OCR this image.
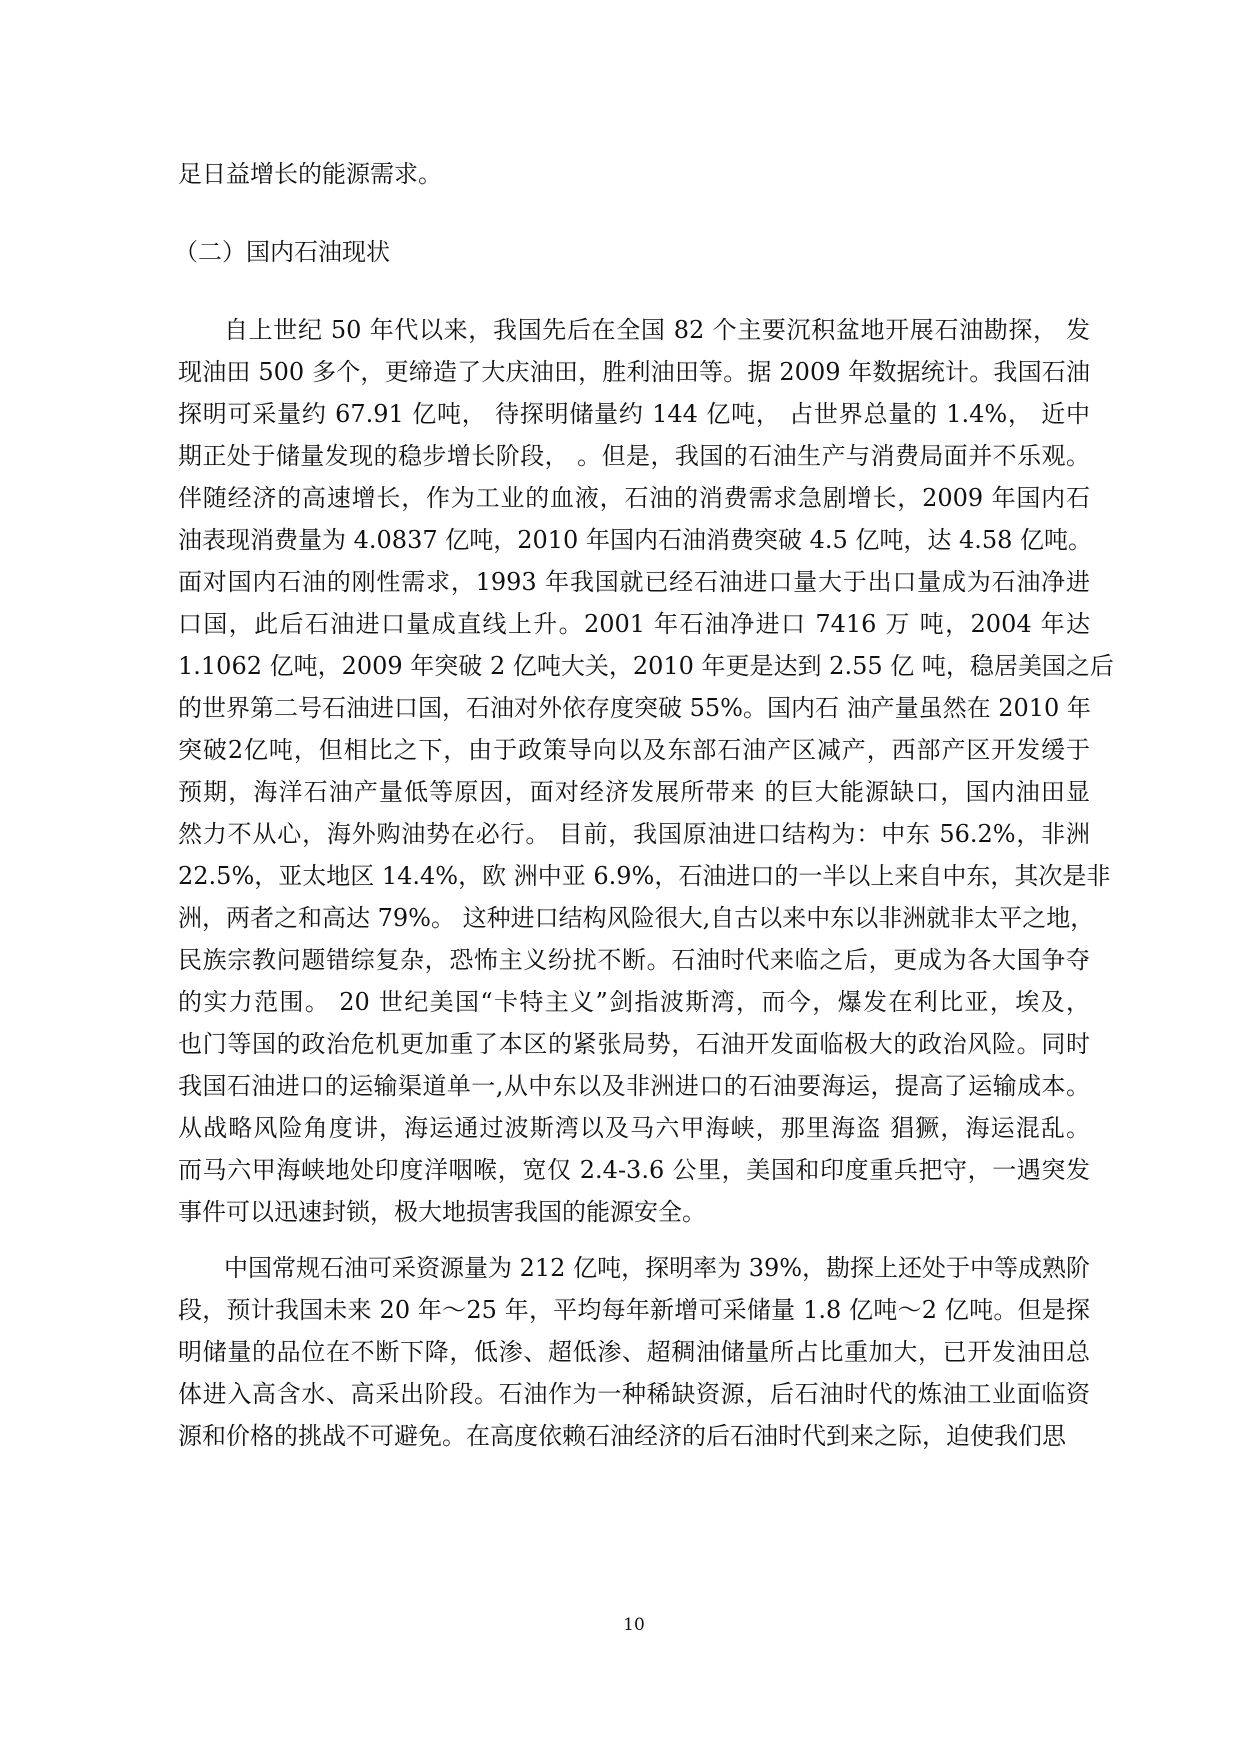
足日益增长的能源需求。
（二）国内石油现状
自上世纪 50 年代以来，我国先后在全国 82 个主要沉积盆地开展石油勘探， 发
现油田 500 多个，更缔造了大庆油田，胜利油田等。据 2009 年数据统计。我国石油
探明可采量约 67.91 亿吨， 待探明储量约 144 亿吨， 占世界总量的 1.4%， 近中
期正处于储量发现的稳步增长阶段， 。但是，我国的石油生产与消费局面并不乐观。
伴随经济的高速增长，作为工业的血液，石油的消费需求急剧增长，2009 年国内石
油表现消费量为 4.0837 亿吨，2010 年国内石油消费突破 4.5 亿吨，达 4.58 亿吨。
面对国内石油的刚性需求，1993 年我国就已经石油进口量大于出口量成为石油净进
口国，此后石油进口量成直线上升。2001 年石油净进口 7416 万 吨，2004 年达
1.1062 亿吨，2009 年突破 2 亿吨大关，2010 年更是达到 2.55 亿 吨，稳居美国之后
的世界第二号石油进口国，石油对外依存度突破 55%。国内石 油产量虽然在 2010 年
突破2亿吨，但相比之下，由于政策导向以及东部石油产区减产，西部产区开发缓于
预期，海洋石油产量低等原因，面对经济发展所带来 的巨大能源缺口，国内油田显
然力不从心，海外购油势在必行。 目前，我国原油进口结构为：中东 56.2%，非洲
22.5%，亚太地区 14.4%，欧 洲中亚 6.9%，石油进口的一半以上来自中东，其次是非
洲，两者之和高达 79%。 这种进口结构风险很大,自古以来中东以非洲就非太平之地，
民族宗教问题错综复杂，恐怖主义纷扰不断。石油时代来临之后，更成为各大国争夺
的实力范围。 20 世纪美国“卡特主义”剑指波斯湾，而今，爆发在利比亚，埃及，
也门等国的政治危机更加重了本区的紧张局势，石油开发面临极大的政治风险。同时
我国石油进口的运输渠道单一,从中东以及非洲进口的石油要海运，提高了运输成本。
从战略风险角度讲，海运通过波斯湾以及马六甲海峡，那里海盗 猖獗，海运混乱。
而马六甲海峡地处印度洋咽喉，宽仅 2.4-3.6 公里，美国和印度重兵把守，一遇突发
事件可以迅速封锁，极大地损害我国的能源安全。
中国常规石油可采资源量为 212 亿吨，探明率为 39%，勘探上还处于中等成熟阶
段，预计我国未来 20 年～25 年，平均每年新增可采储量 1.8 亿吨～2 亿吨。但是探
明储量的品位在不断下降，低渗、超低渗、超稠油储量所占比重加大，已开发油田总
体进入高含水、高采出阶段。石油作为一种稀缺资源，后石油时代的炼油工业面临资
源和价格的挑战不可避免。在高度依赖石油经济的后石油时代到来之际，迫使我们思
10
